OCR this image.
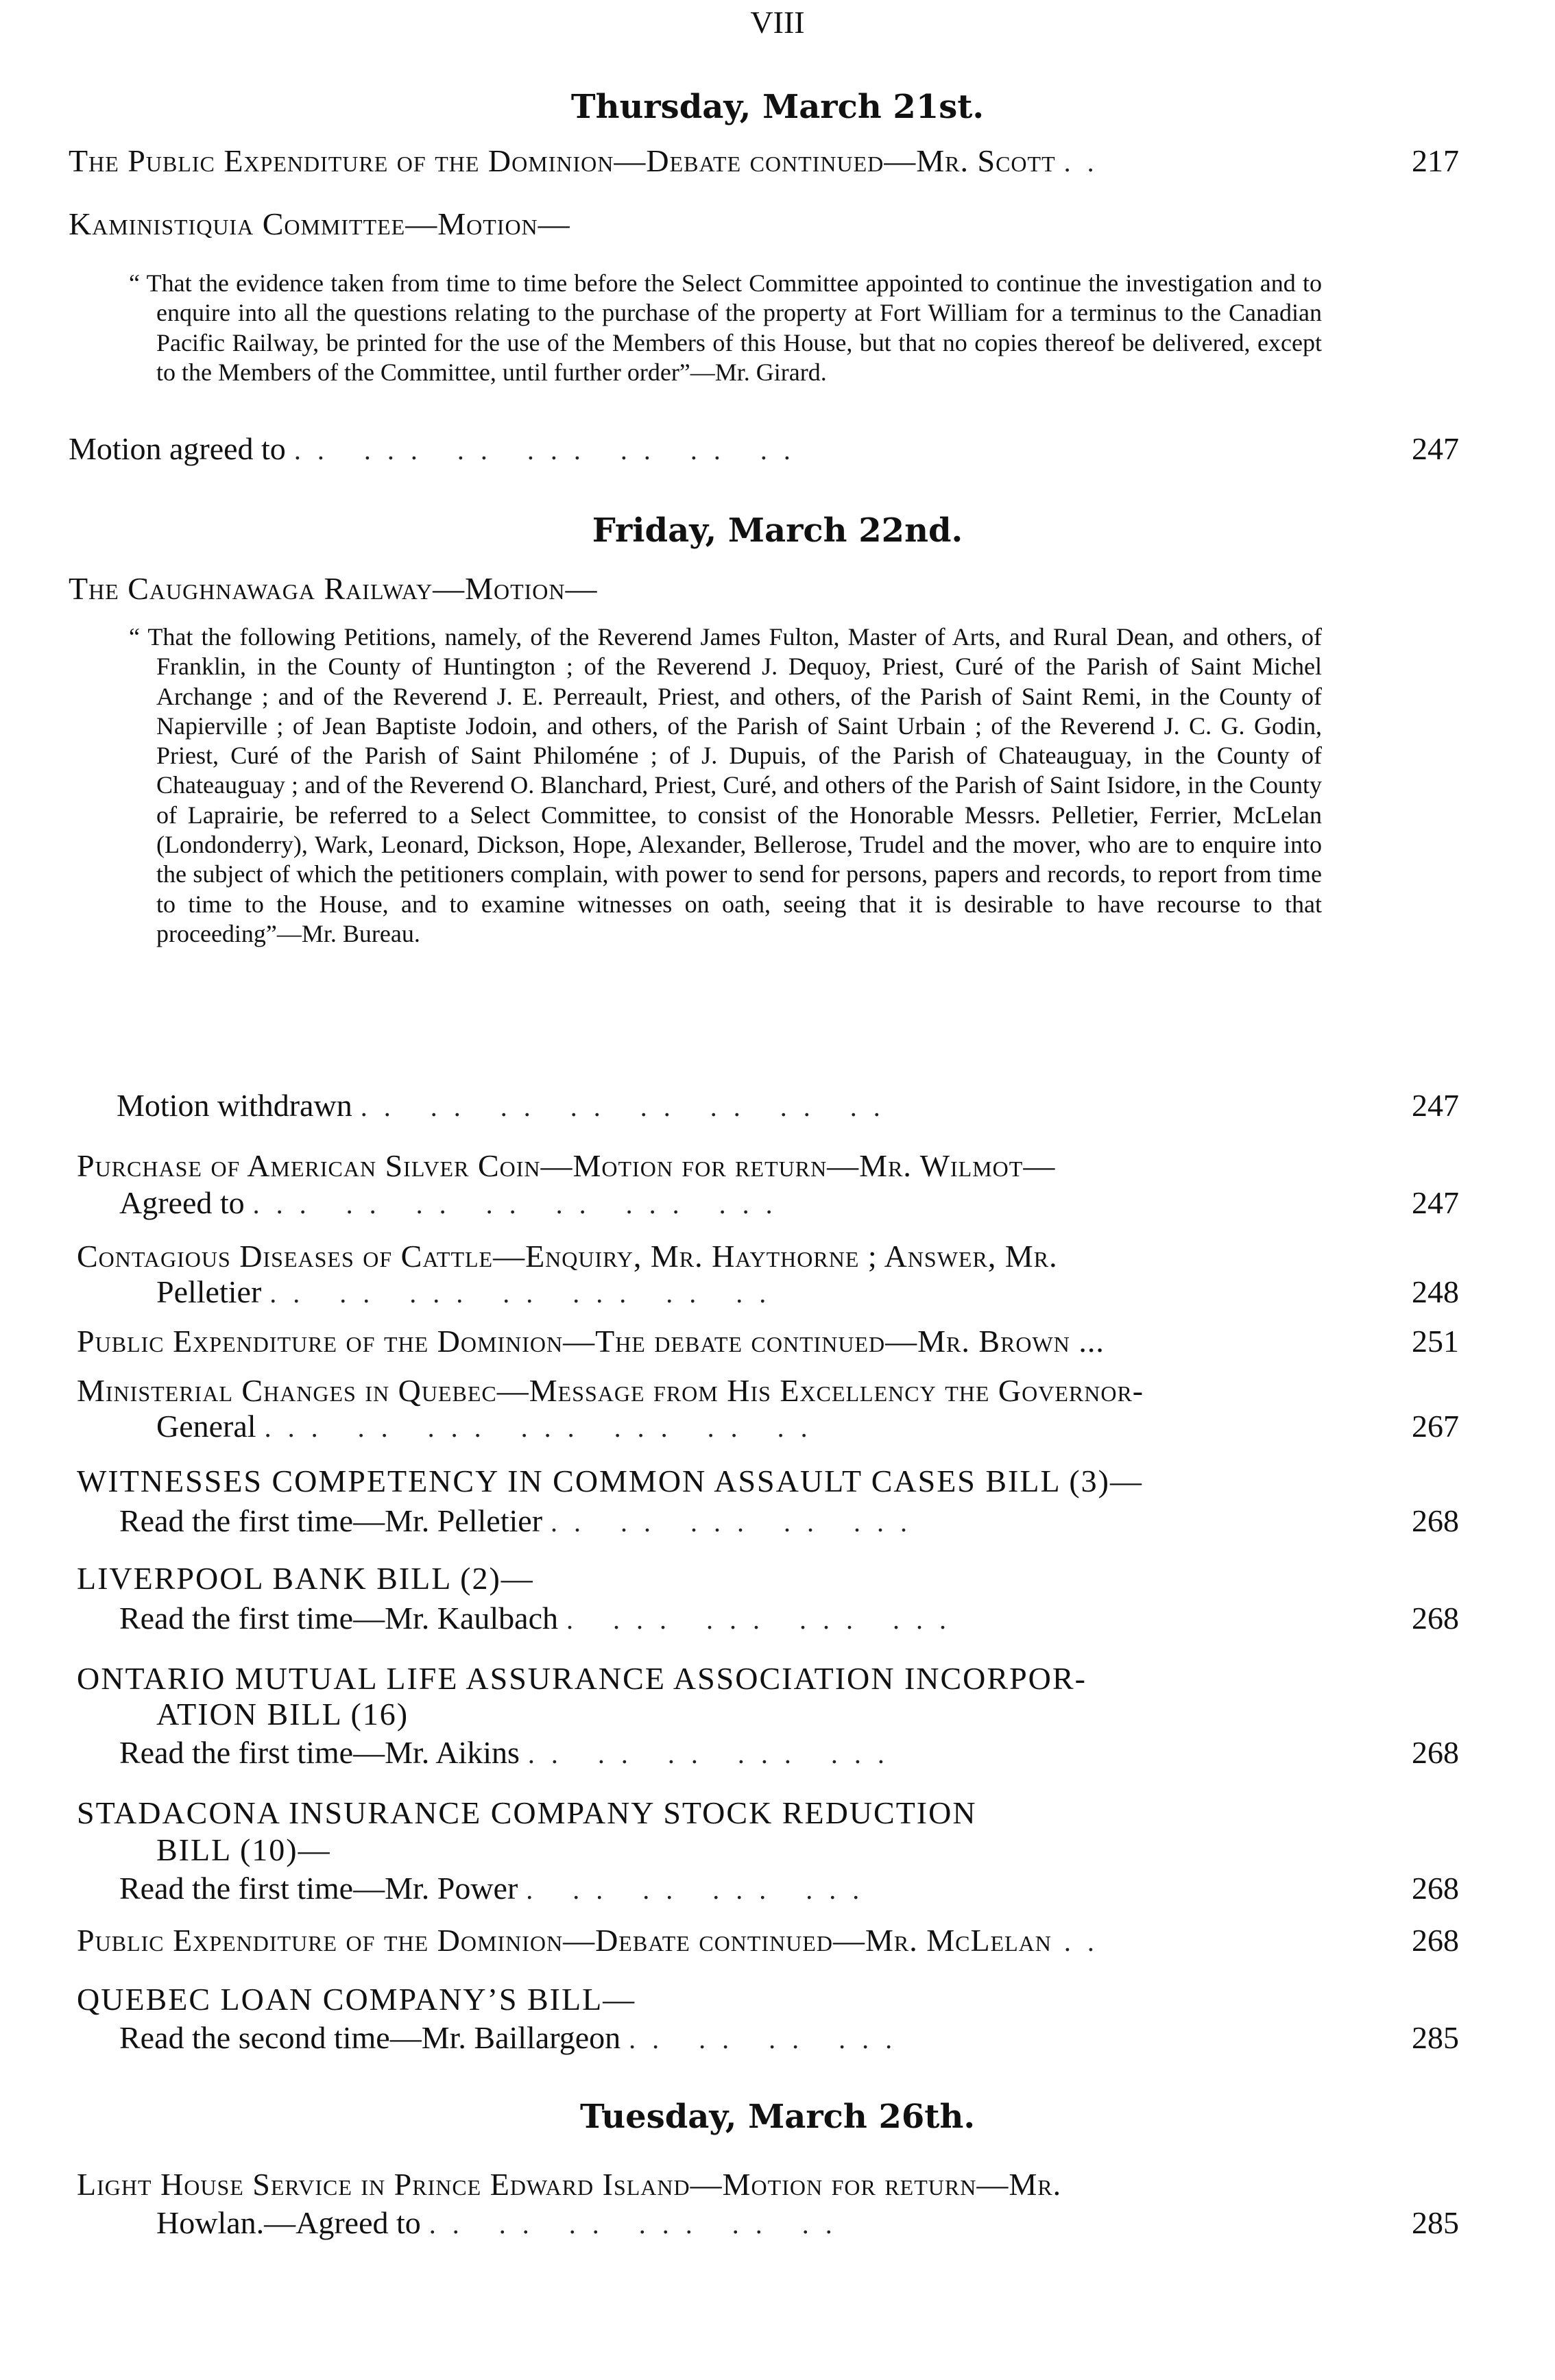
VIII
Thursday, March 21st.
The Public Expenditure of the Dominion—Debate continued—Mr. Scott ..	217
Kaministiquia Committee—Motion—

“ That the evidence taken from time to time before the Select Committee appointed to continue the investigation and to enquire into all the questions relating to the purchase of the property at Fort William for a terminus to the Canadian Pacific Railway, be printed for the use of the Members of this House, but that no copies thereof be delivered, except to the Members of the Committee, until further order”—Mr. Girard.

Motion agreed to .. ... .. ... .. .. ..	247
Friday, March 22nd.
The Caughnawaga Railway—Motion—

“ That the following Petitions, namely, of the Reverend James Fulton, Master of Arts, and Rural Dean, and others, of Franklin, in the County of Huntington ; of the Reverend J. Dequoy, Priest, Curé of the Parish of Saint Michel Archange ; and of the Reverend J. E. Perreault, Priest, and others, of the Parish of Saint Remi, in the County of Napierville ; of Jean Baptiste Jodoin, and others, of the Parish of Saint Urbain ; of the Reverend J. C. G. Godin, Priest, Curé of the Parish of Saint Philoméne ; of J. Dupuis, of the Parish of Chateauguay, in the County of Chateauguay ; and of the Reverend O. Blanchard, Priest, Curé, and others of the Parish of Saint Isidore, in the County of Laprairie, be referred to a Select Committee, to consist of the Honorable Messrs. Pelletier, Ferrier, McLelan (Londonderry), Wark, Leonard, Dickson, Hope, Alexander, Bellerose, Trudel and the mover, who are to enquire into the subject of which the petitioners complain, with power to send for persons, papers and records, to report from time to time to the House, and to examine witnesses on oath, seeing that it is desirable to have recourse to that proceeding”—Mr. Bureau.

Motion withdrawn .. .. .. .. .. .. .. ..	247
Purchase of American Silver Coin—Motion for return—Mr. Wilmot—
Agreed to ... .. .. .. .. ... ...	247
Contagious Diseases of Cattle—Enquiry, Mr. Haythorne ; Answer, Mr.
Pelletier .. .. ... .. ... .. ..	248
Public Expenditure of the Dominion—The debate continued—Mr. Brown ...	251
Ministerial Changes in Quebec—Message from His Excellency the Governor-
General ... .. ... ... ... .. ..	267
WITNESSES COMPETENCY IN COMMON ASSAULT CASES BILL (3)—
Read the first time—Mr. Pelletier .. .. ... .. ...	268
LIVERPOOL BANK BILL (2)—
Read the first time—Mr. Kaulbach . ... ... ... ...	268
ONTARIO MUTUAL LIFE ASSURANCE ASSOCIATION INCORPOR-
ATION BILL (16)
Read the first time—Mr. Aikins .. .. .. ... ...	268
STADACONA INSURANCE COMPANY STOCK REDUCTION
BILL (10)—
Read the first time—Mr. Power . .. .. ... ...	268
Public Expenditure of the Dominion—Debate continued—Mr. McLelan ..	268
QUEBEC LOAN COMPANY’S BILL—
Read the second time—Mr. Baillargeon .. .. .. ...	285
Tuesday, March 26th.
Light House Service in Prince Edward Island—Motion for return—Mr.
Howlan.—Agreed to .. .. .. ... .. ..	285
